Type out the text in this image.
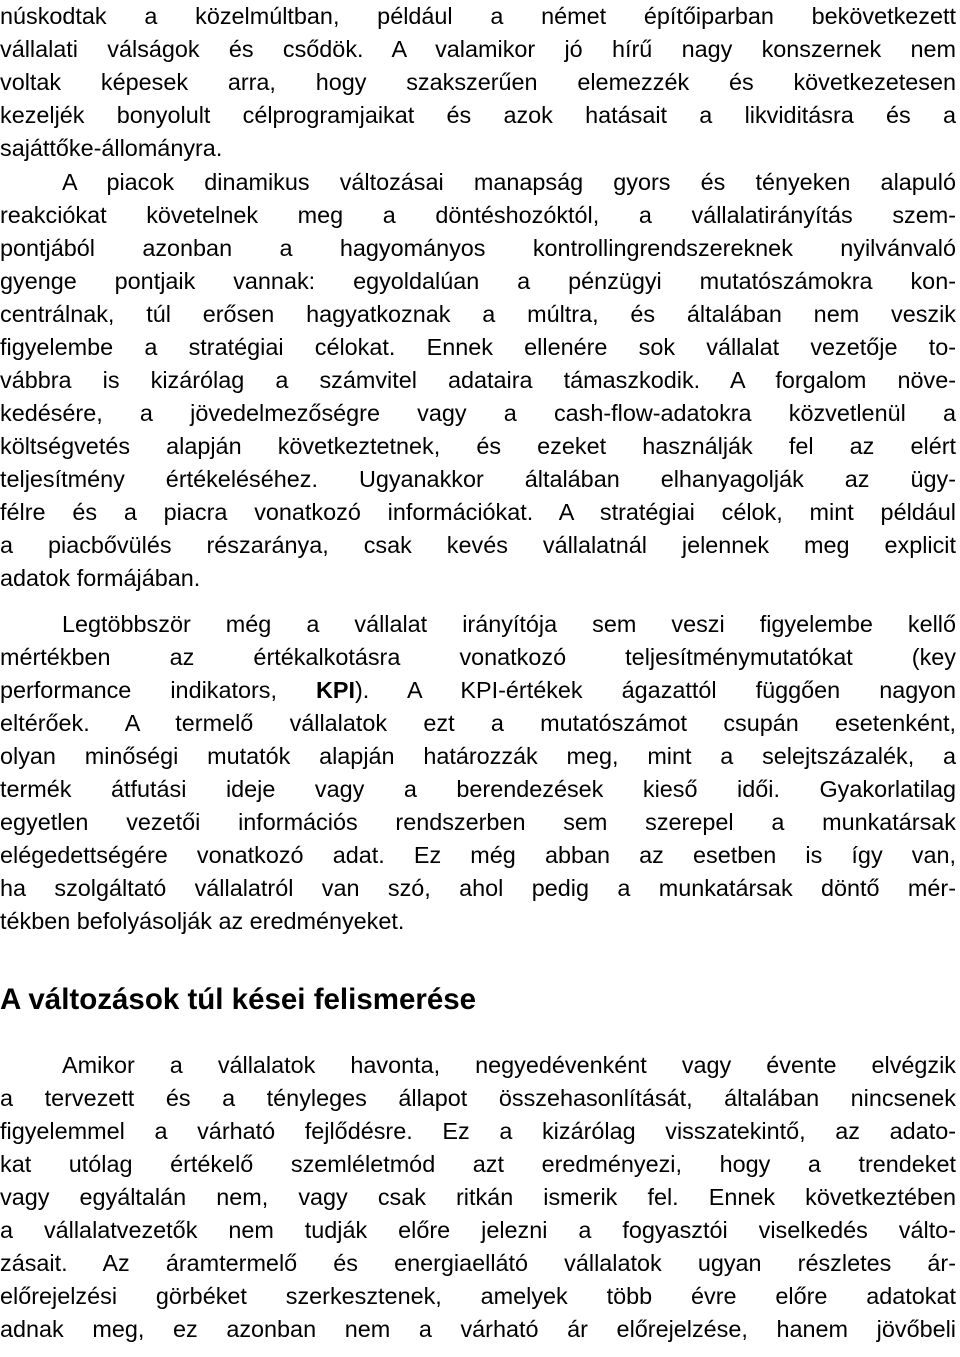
núskodtak a közelmúltban, például a német építőiparban bekövetkezett
vállalati válságok és csődök. A valamikor jó hírű nagy konszernek nem
voltak képesek arra, hogy szakszerűen elemezzék és következetesen
kezeljék bonyolult célprogramjaikat és azok hatásait a likviditásra és a
sajáttőke-állományra.
A piacok dinamikus változásai manapság gyors és tényeken alapuló
reakciókat követelnek meg a döntéshozóktól, a vállalatirányítás szem-
pontjából azonban a hagyományos kontrollingrendszereknek nyilvánvaló
gyenge pontjaik vannak: egyoldalúan a pénzügyi mutatószámokra kon-
centrálnak, túl erősen hagyatkoznak a múltra, és általában nem veszik
figyelembe a stratégiai célokat. Ennek ellenére sok vállalat vezetője to-
vábbra is kizárólag a számvitel adataira támaszkodik. A forgalom növe-
kedésére, a jövedelmezőségre vagy a cash-flow-adatokra közvetlenül a
költségvetés alapján következtetnek, és ezeket használják fel az elért
teljesítmény értékeléséhez. Ugyanakkor általában elhanyagolják az ügy-
félre és a piacra vonatkozó információkat. A stratégiai célok, mint például
a piacbővülés részaránya, csak kevés vállalatnál jelennek meg explicit
adatok formájában.
Legtöbbször még a vállalat irányítója sem veszi figyelembe kellő
mértékben az értékalkotásra vonatkozó teljesítménymutatókat (key
performance indikators, KPI). A KPI-értékek ágazattól függően nagyon
eltérőek. A termelő vállalatok ezt a mutatószámot csupán esetenként,
olyan minőségi mutatók alapján határozzák meg, mint a selejtszázalék, a
termék átfutási ideje vagy a berendezések kieső idői. Gyakorlatilag
egyetlen vezetői információs rendszerben sem szerepel a munkatársak
elégedettségére vonatkozó adat. Ez még abban az esetben is így van,
ha szolgáltató vállalatról van szó, ahol pedig a munkatársak döntő mér-
tékben befolyásolják az eredményeket.
A változások túl kései felismerése
Amikor a vállalatok havonta, negyedévenként vagy évente elvégzik
a tervezett és a tényleges állapot összehasonlítását, általában nincsenek
figyelemmel a várható fejlődésre. Ez a kizárólag visszatekintő, az adato-
kat utólag értékelő szemléletmód azt eredményezi, hogy a trendeket
vagy egyáltalán nem, vagy csak ritkán ismerik fel. Ennek következtében
a vállalatvezetők nem tudják előre jelezni a fogyasztói viselkedés válto-
zásait. Az áramtermelő és energiaellátó vállalatok ugyan részletes ár-
előrejelzési görbéket szerkesztenek, amelyek több évre előre adatokat
adnak meg, ez azonban nem a várható ár előrejelzése, hanem jövőbeli
